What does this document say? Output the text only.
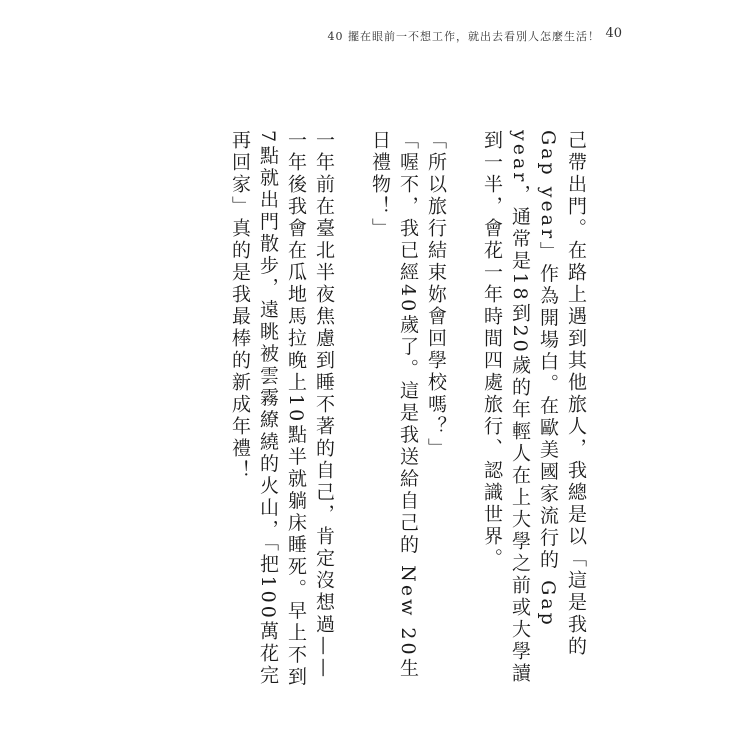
40 擺在眼前一不想工作，就出去看別人怎麼生活！ 40

己帶出門。在路上遇到其他旅人，我總是以「這是我的 Gap year」作為開場白。在歐美國家流行的 Gap year，通常是18到20歲的年輕人在上大學之前或大學讀到一半，會花一年時間四處旅行、認識世界。

「所以旅行結束妳會回學校嗎？」

「喔不，我已經40歲了。這是我送給自己的 New 20生日禮物！」

一年前在臺北半夜焦慮到睡不著的自己，肯定沒想過——一年後我會在瓜地馬拉晚上10點半就躺床睡死。早上不到7點就出門散步，遠眺被雲霧繚繞的火山，「把100萬花完再回家」真的是我最棒的新成年禮！
